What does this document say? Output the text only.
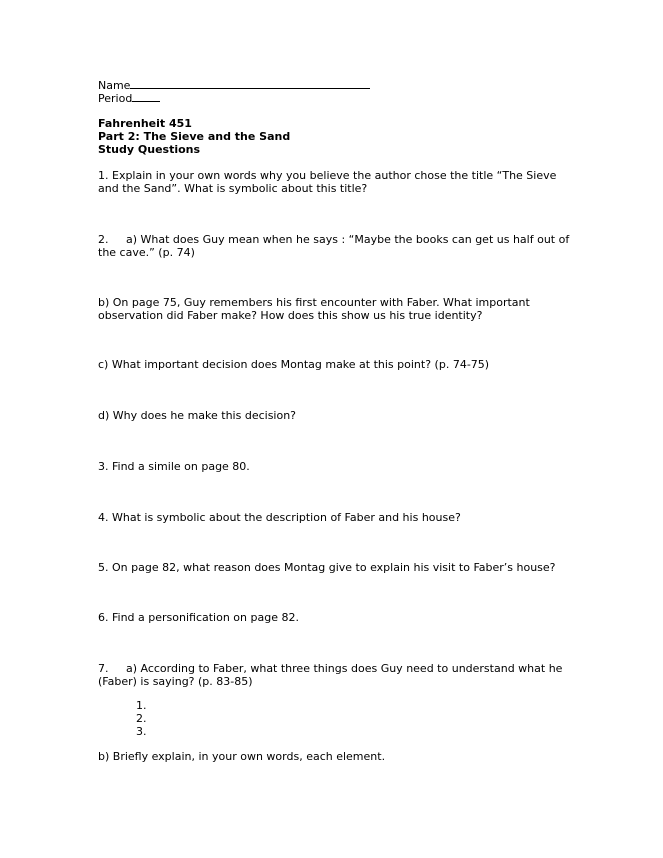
Name
Period
Fahrenheit 451
Part 2: The Sieve and the Sand
Study Questions
1. Explain in your own words why you believe the author chose the title “The Sieve
and the Sand”. What is symbolic about this title?
2.     a) What does Guy mean when he says : “Maybe the books can get us half out of
the cave.” (p. 74)
b) On page 75, Guy remembers his first encounter with Faber. What important
observation did Faber make? How does this show us his true identity?
c) What important decision does Montag make at this point? (p. 74-75)
d) Why does he make this decision?
3. Find a simile on page 80.
4. What is symbolic about the description of Faber and his house?
5. On page 82, what reason does Montag give to explain his visit to Faber’s house?
6. Find a personification on page 82.
7.     a) According to Faber, what three things does Guy need to understand what he
(Faber) is saying? (p. 83-85)
1.
2.
3.
b) Briefly explain, in your own words, each element.
